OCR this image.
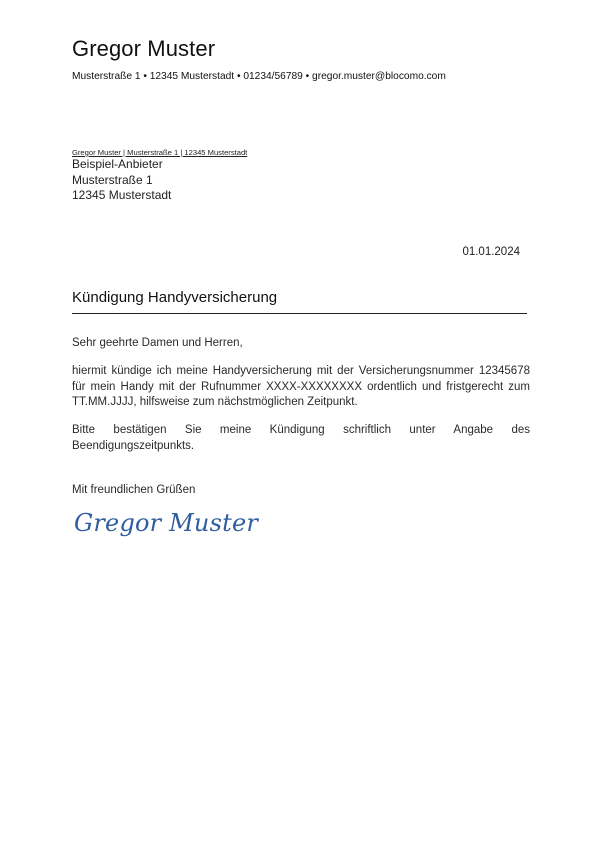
Gregor Muster
Musterstraße 1 • 12345 Musterstadt • 01234/56789 • gregor.muster@blocomo.com
Gregor Muster | Musterstraße 1 | 12345 Musterstadt
Beispiel-Anbieter
Musterstraße 1
12345 Musterstadt
01.01.2024
Kündigung Handyversicherung
Sehr geehrte Damen und Herren,
hiermit kündige ich meine Handyversicherung mit der Versicherungsnummer 12345678 für mein Handy mit der Rufnummer XXXX-XXXXXXXX ordentlich und fristgerecht zum TT.MM.JJJJ, hilfsweise zum nächstmöglichen Zeitpunkt.
Bitte bestätigen Sie meine Kündigung schriftlich unter Angabe des Beendigungszeitpunkts.
Mit freundlichen Grüßen
Gregor Muster
